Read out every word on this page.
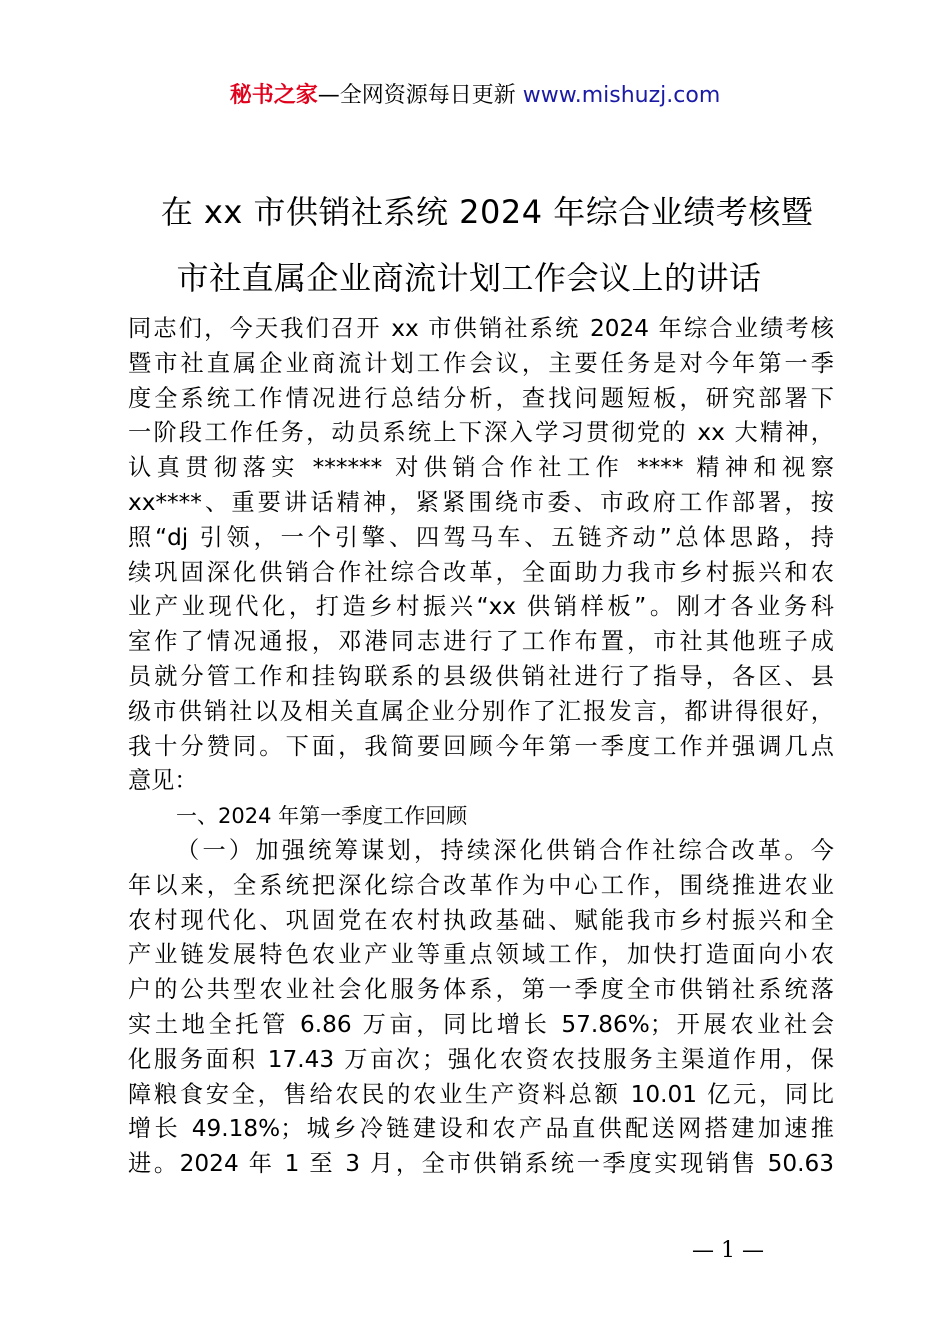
秘书之家—全网资源每日更新 www.mishuzj.com
在 xx 市供销社系统 2024 年综合业绩考核暨
市社直属企业商流计划工作会议上的讲话
同志们，今天我们召开 xx 市供销社系统 2024 年综合业绩考核
暨市社直属企业商流计划工作会议，主要任务是对今年第一季
度全系统工作情况进行总结分析，查找问题短板，研究部署下
一阶段工作任务，动员系统上下深入学习贯彻党的 xx 大精神，
认真贯彻落实 ****** 对供销合作社工作 **** 精神和视察
xx****、重要讲话精神，紧紧围绕市委、市政府工作部署，按
照“dj 引领，一个引擎、四驾马车、五链齐动”总体思路，持
续巩固深化供销合作社综合改革，全面助力我市乡村振兴和农
业产业现代化，打造乡村振兴“xx 供销样板”。刚才各业务科
室作了情况通报，邓港同志进行了工作布置，市社其他班子成
员就分管工作和挂钩联系的县级供销社进行了指导，各区、县
级市供销社以及相关直属企业分别作了汇报发言，都讲得很好，
我十分赞同。下面，我简要回顾今年第一季度工作并强调几点
意见：
一、2024 年第一季度工作回顾
（一）加强统筹谋划，持续深化供销合作社综合改革。今
年以来，全系统把深化综合改革作为中心工作，围绕推进农业
农村现代化、巩固党在农村执政基础、赋能我市乡村振兴和全
产业链发展特色农业产业等重点领域工作，加快打造面向小农
户的公共型农业社会化服务体系，第一季度全市供销社系统落
实土地全托管 6.86 万亩，同比增长 57.86%；开展农业社会
化服务面积 17.43 万亩次；强化农资农技服务主渠道作用，保
障粮食安全，售给农民的农业生产资料总额 10.01 亿元，同比
增长 49.18%；城乡冷链建设和农产品直供配送网搭建加速推
进。2024 年 1 至 3 月，全市供销系统一季度实现销售 50.63
— 1 —
